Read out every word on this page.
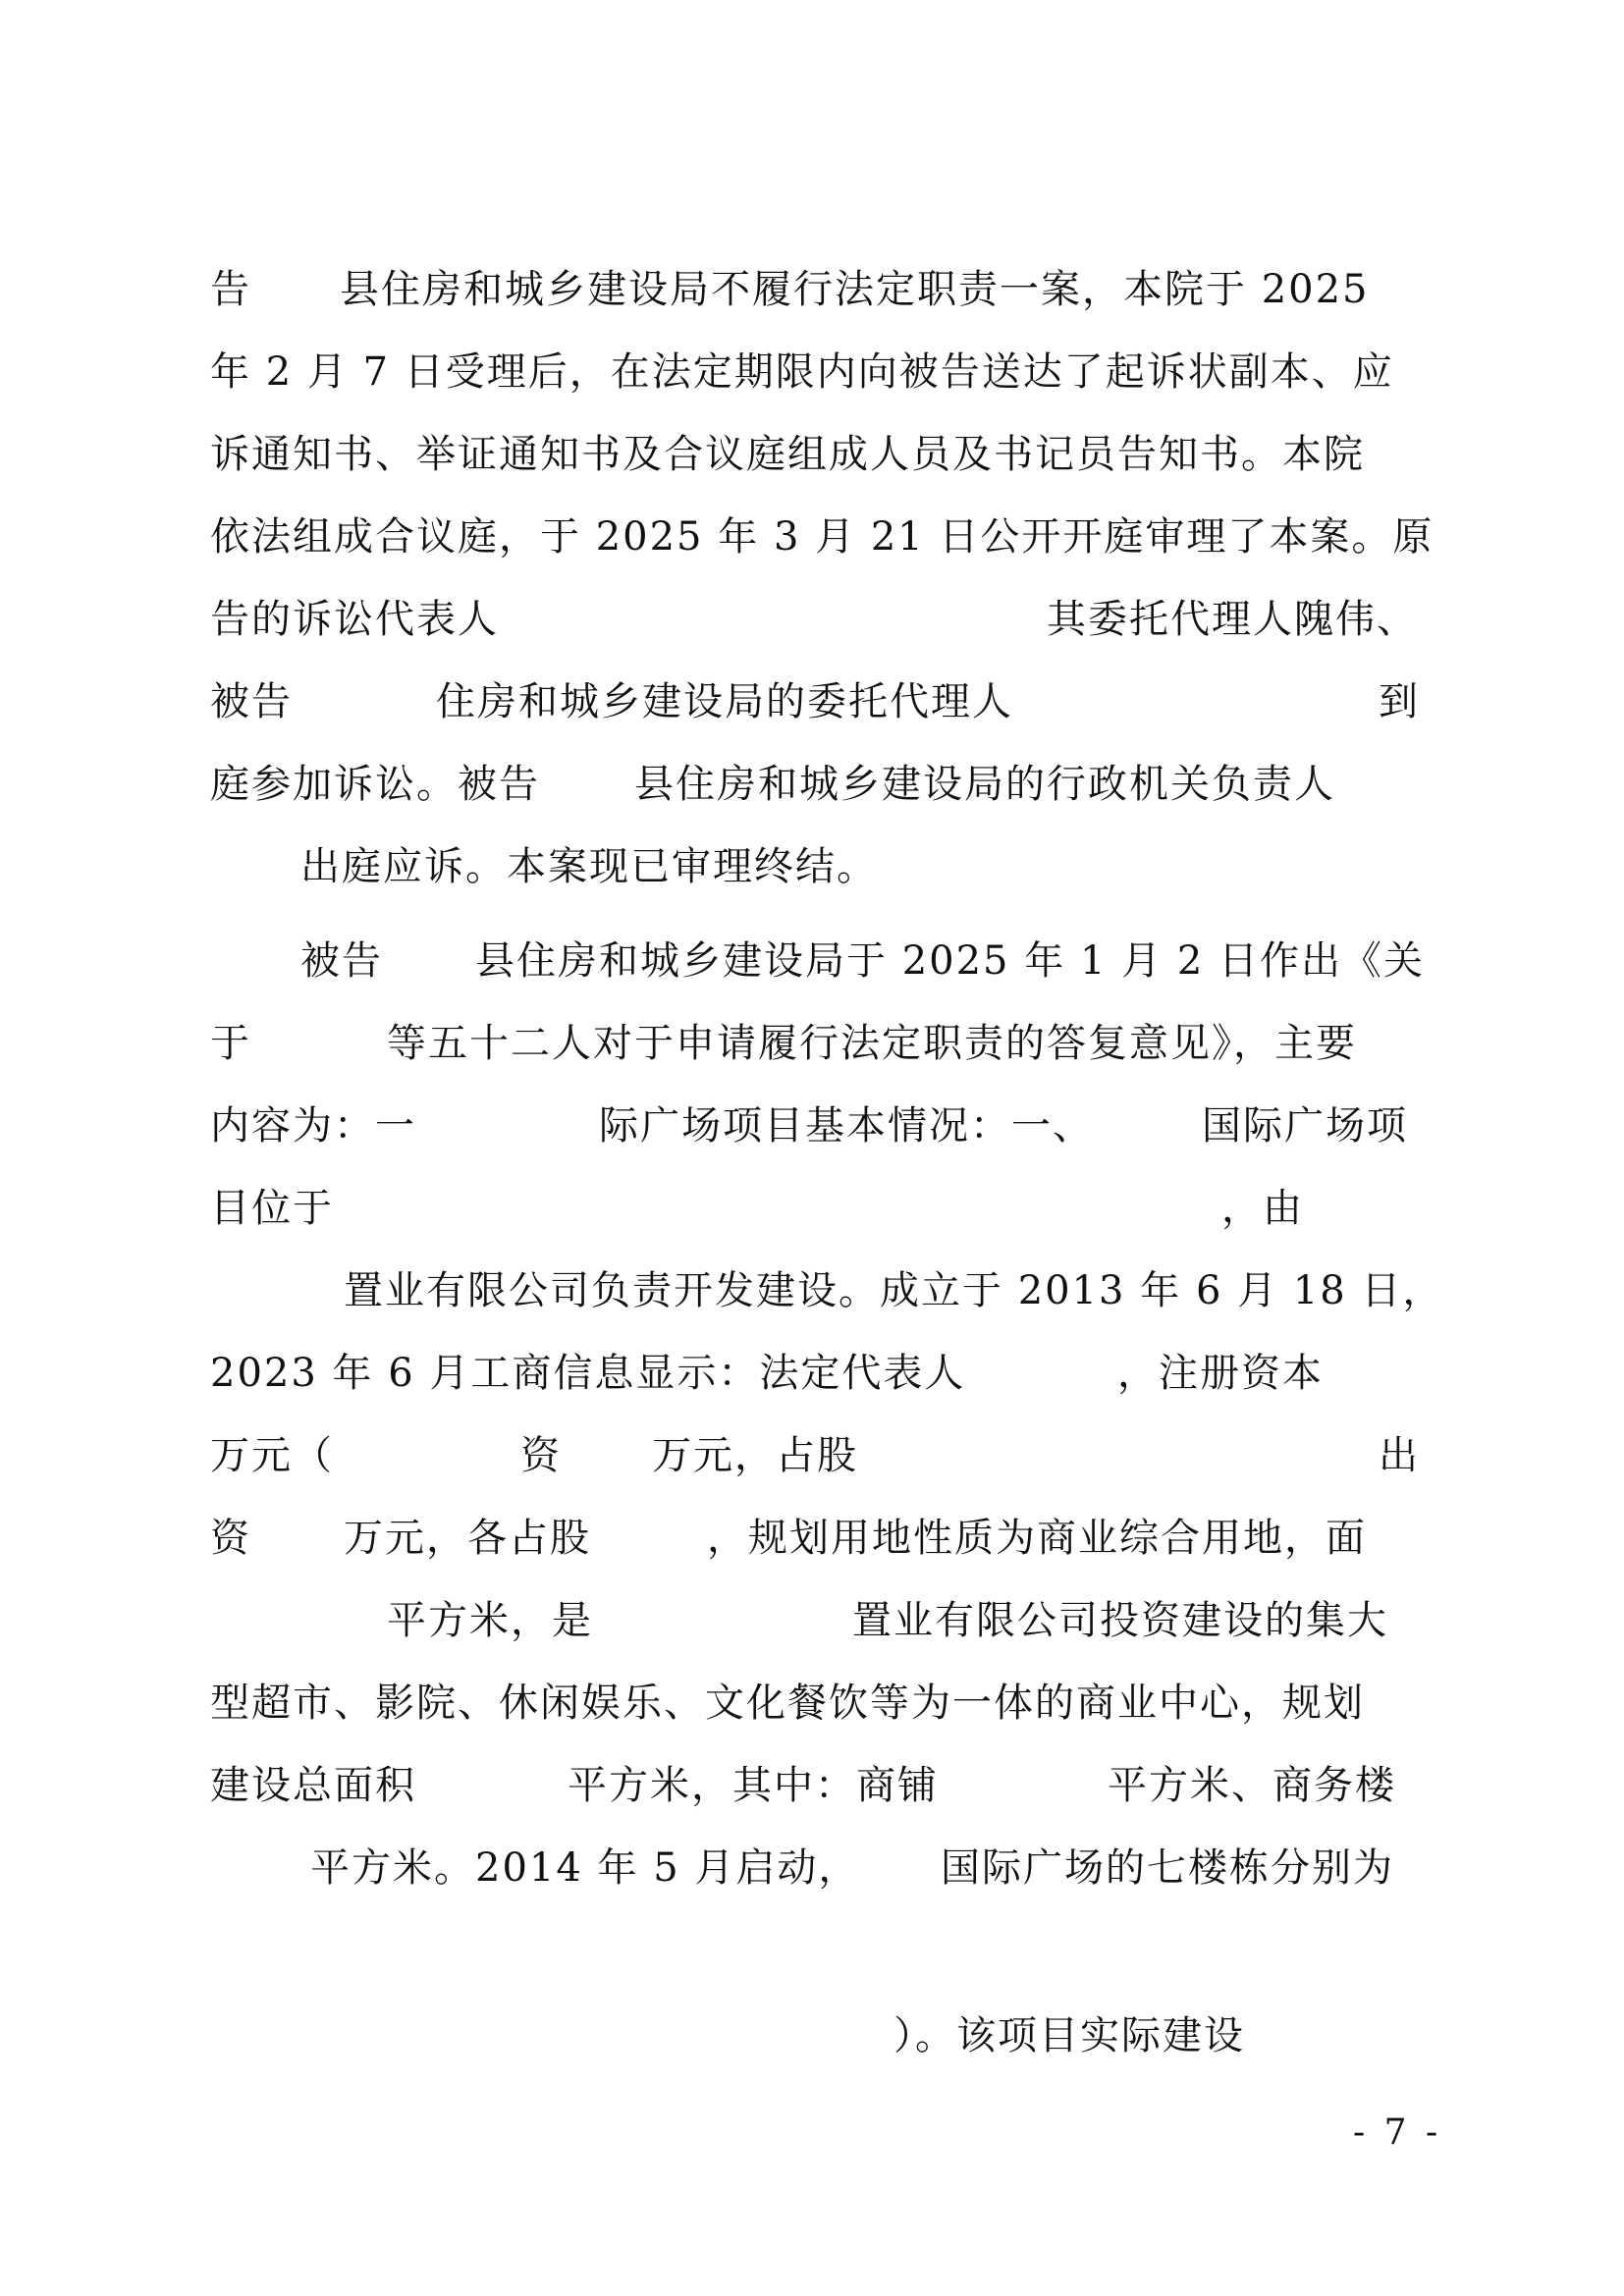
告 县住房和城乡建设局不履行法定职责一案，本院于 2025
年 2 月 7 日受理后，在法定期限内向被告送达了起诉状副本、应
诉通知书、举证通知书及合议庭组成人员及书记员告知书。本院
依法组成合议庭，于 2025 年 3 月 21 日公开开庭审理了本案。原
告的诉讼代表人	其委托代理人隗伟、
被告	住房和城乡建设局的委托代理人	到
庭参加诉讼。被告 县住房和城乡建设局的行政机关负责人
出庭应诉。本案现已审理终结。
被告 县住房和城乡建设局于 2025 年 1 月 2 日作出《关
于	等五十二人对于申请履行法定职责的答复意见》，主要
内容为：一	际广场项目基本情况：一、	国际广场项
目位于	，由
置业有限公司负责开发建设。成立于 2013 年 6 月 18 日，
2023 年 6 月工商信息显示：法定代表人	，注册资本
万元（	资 万元，占股	出
资 万元，各占股	，规划用地性质为商业综合用地，面
平方米，是	置业有限公司投资建设的集大
型超市、影院、休闲娱乐、文化餐饮等为一体的商业中心，规划
建设总面积	平方米，其中：商铺	平方米、商务楼
平方米。2014 年 5 月启动， 国际广场的七楼栋分别为
）。该项目实际建设
- 7 -
